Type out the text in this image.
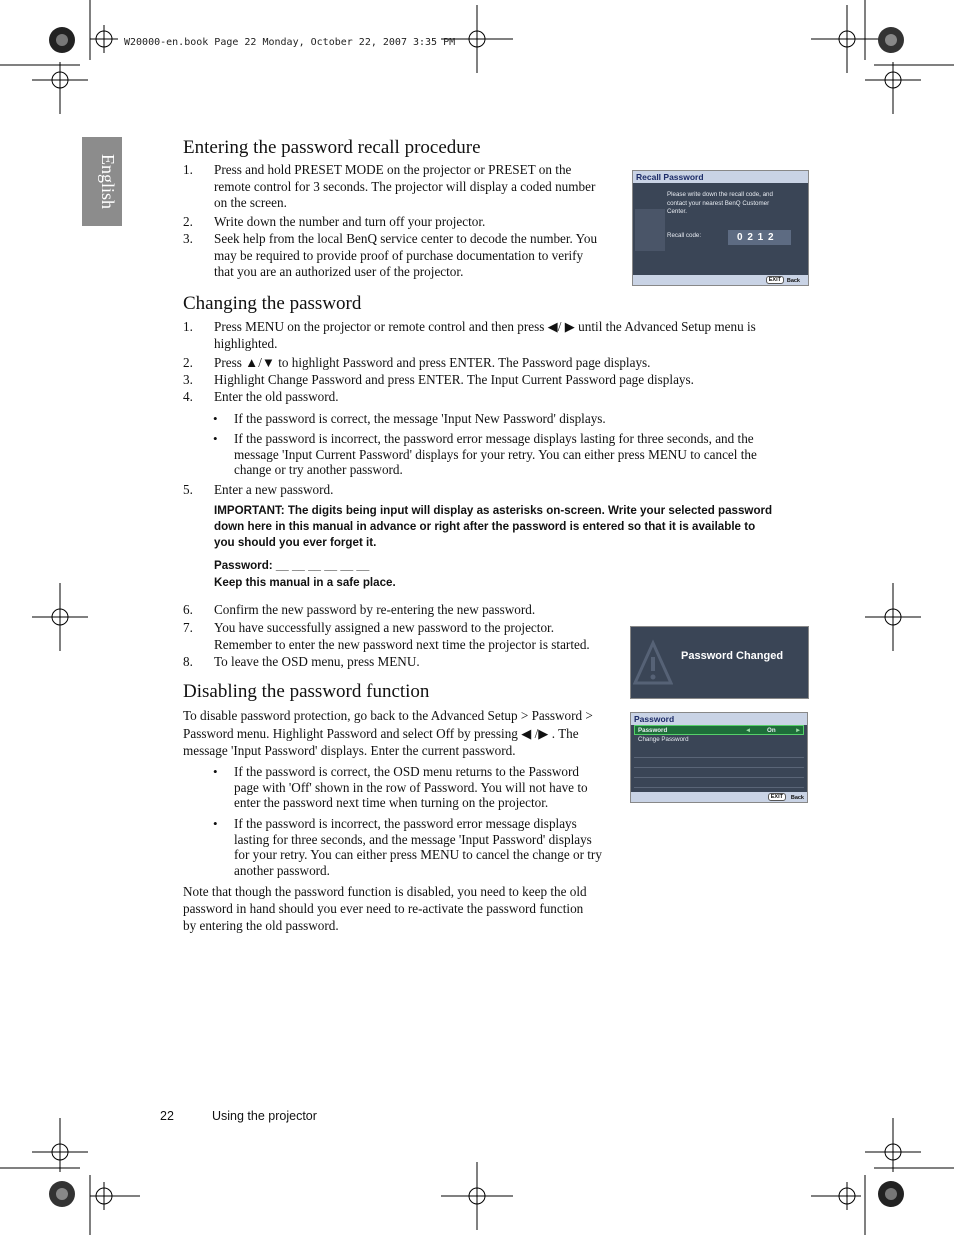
W20000-en.book Page 22 Monday, October 22, 2007 3:35 PM
English
Entering the password recall procedure
1. Press and hold PRESET MODE on the projector or PRESET on the
remote control for 3 seconds. The projector will display a coded number
on the screen.
2. Write down the number and turn off your projector.
3. Seek help from the local BenQ service center to decode the number. You
may be required to provide proof of purchase documentation to verify
that you are an authorized user of the projector.
Recall Password
Please write down the recall code, and
contact your nearest BenQ Customer
Center.
Recall code:	0 2 1 2
EXIT	Back
Changing the password
1. Press MENU on the projector or remote control and then press ◀/ ▶ until the Advanced Setup menu is
highlighted.
2. Press ▲/▼ to highlight Password and press ENTER. The Password page displays.
3. Highlight Change Password and press ENTER. The Input Current Password page displays.
4. Enter the old password.
• If the password is correct, the message 'Input New Password' displays.
• If the password is incorrect, the password error message displays lasting for three seconds, and the
message 'Input Current Password' displays for your retry. You can either press MENU to cancel the
change or try another password.
5. Enter a new password.
IMPORTANT: The digits being input will display as asterisks on-screen. Write your selected password
down here in this manual in advance or right after the password is entered so that it is available to
you should you ever forget it.
Password: __ __ __ __ __ __
Keep this manual in a safe place.
6. Confirm the new password by re-entering the new password.
7. You have successfully assigned a new password to the projector.
Remember to enter the new password next time the projector is started.
8. To leave the OSD menu, press MENU.	Password Changed
Disabling the password function
To disable password protection, go back to the Advanced Setup > Password >
Password menu. Highlight Password and select Off by pressing ◀ /▶ . The
message 'Input Password' displays. Enter the current password.
• If the password is correct, the OSD menu returns to the Password
page with 'Off' shown in the row of Password. You will not have to
enter the password next time when turning on the projector.
• If the password is incorrect, the password error message displays
lasting for three seconds, and the message 'Input Password' displays
for your retry. You can either press MENU to cancel the change or try
another password.
Note that though the password function is disabled, you need to keep the old
password in hand should you ever need to re-activate the password function
by entering the old password.
Password
Password	◄	On	►
Change Password
EXIT	Back
22	Using the projector
